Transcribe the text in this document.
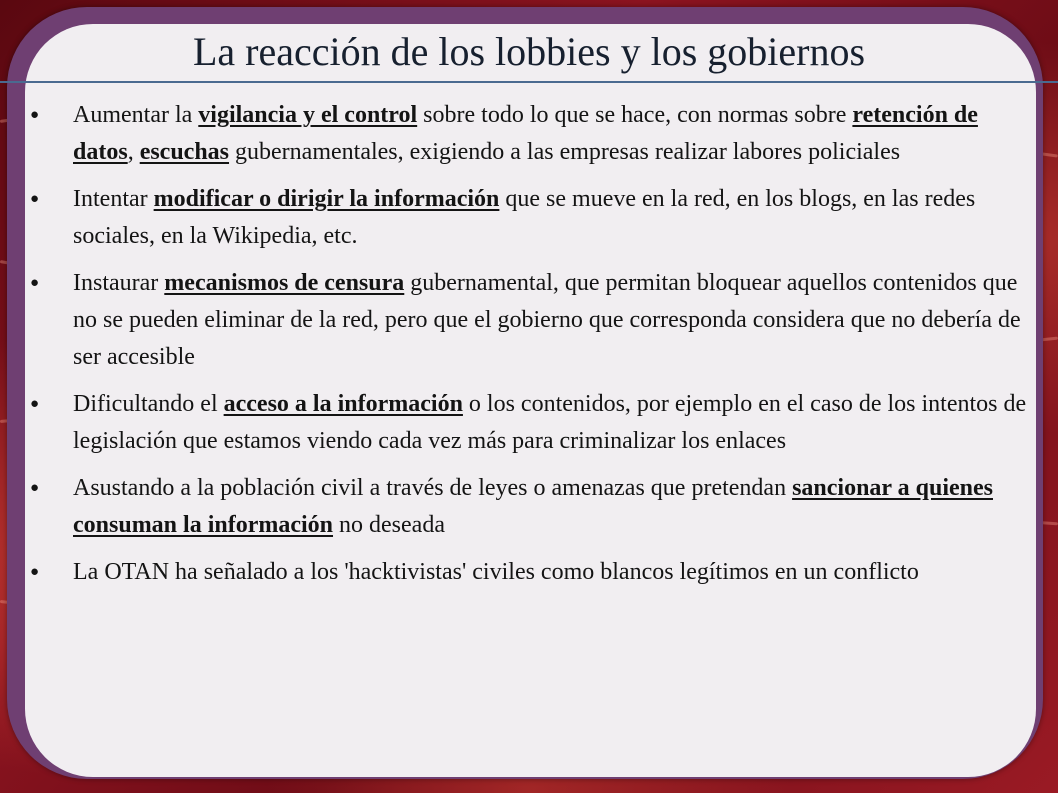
La reacción de los lobbies y los gobiernos
● Aumentar la vigilancia y el control sobre todo lo que se hace, con normas sobre retención de datos, escuchas gubernamentales, exigiendo a las empresas realizar labores policiales
● Intentar modificar o dirigir la información que se mueve en la red, en los blogs, en las redes sociales, en la Wikipedia, etc.
● Instaurar mecanismos de censura gubernamental, que permitan bloquear aquellos contenidos que no se pueden eliminar de la red, pero que el gobierno que corresponda considera que no debería de ser accesible
● Dificultando el acceso a la información o los contenidos, por ejemplo en el caso de los intentos de legislación que estamos viendo cada vez más para criminalizar los enlaces
● Asustando a la población civil a través de leyes o amenazas que pretendan sancionar a quienes consuman la información no deseada
● La OTAN ha señalado a los 'hacktivistas' civiles como blancos legítimos en un conflicto
